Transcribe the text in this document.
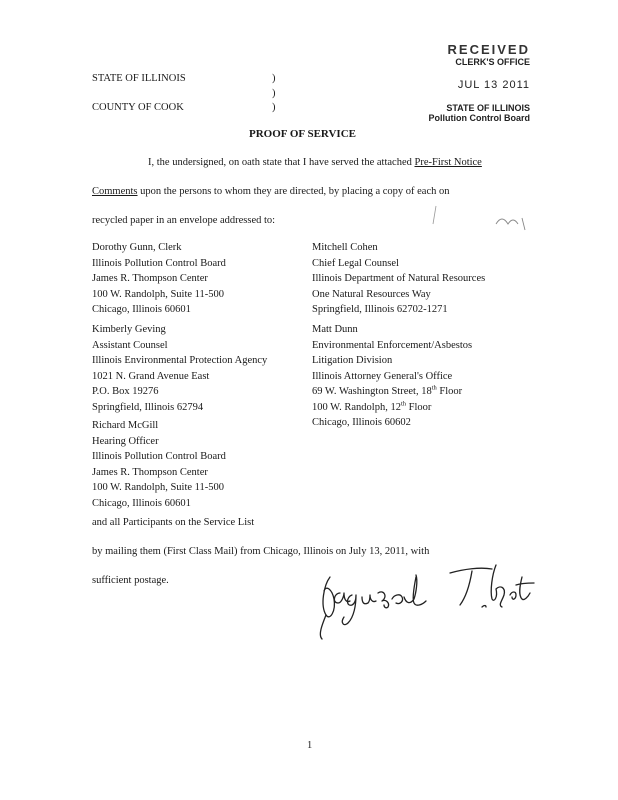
RECEIVED
CLERK'S OFFICE
JUL 13 2011
STATE OF ILLINOIS
Pollution Control Board
STATE OF ILLINOIS
COUNTY OF COOK
)
)
)
PROOF OF SERVICE
I, the undersigned, on oath state that I have served the attached Pre-First Notice
Comments upon the persons to whom they are directed, by placing a copy of each on
recycled paper in an envelope addressed to:
Dorothy Gunn, Clerk
Illinois Pollution Control Board
James R. Thompson Center
100 W. Randolph, Suite 11-500
Chicago, Illinois 60601
Kimberly Geving
Assistant Counsel
Illinois Environmental Protection Agency
1021 N. Grand Avenue East
P.O. Box 19276
Springfield, Illinois 62794
Richard McGill
Hearing Officer
Illinois Pollution Control Board
James R. Thompson Center
100 W. Randolph, Suite 11-500
Chicago, Illinois 60601
Mitchell Cohen
Chief Legal Counsel
Illinois Department of Natural Resources
One Natural Resources Way
Springfield, Illinois 62702-1271
Matt Dunn
Environmental Enforcement/Asbestos
Litigation Division
Illinois Attorney General's Office
69 W. Washington Street, 18th Floor
100 W. Randolph, 12th Floor
Chicago, Illinois 60602
and all Participants on the Service List
by mailing them (First Class Mail) from Chicago, Illinois on July 13, 2011, with
sufficient postage.
1
